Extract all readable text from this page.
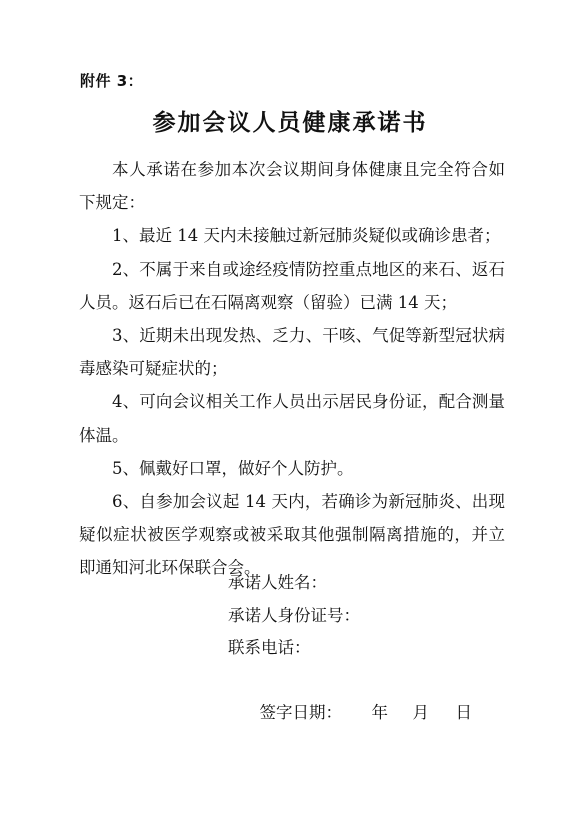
附件 3：
参加会议人员健康承诺书

本人承诺在参加本次会议期间身体健康且完全符合如下规定：

1、最近 14 天内未接触过新冠肺炎疑似或确诊患者；

2、不属于来自或途经疫情防控重点地区的来石、返石人员。返石后已在石隔离观察（留验）已满 14 天；

3、近期未出现发热、乏力、干咳、气促等新型冠状病毒感染可疑症状的；

4、可向会议相关工作人员出示居民身份证，配合测量体温。

5、佩戴好口罩，做好个人防护。

6、自参加会议起 14 天内，若确诊为新冠肺炎、出现疑似症状被医学观察或被采取其他强制隔离措施的，并立即通知河北环保联合会。

承诺人姓名：
承诺人身份证号：
联系电话：

签字日期： 年 月 日
